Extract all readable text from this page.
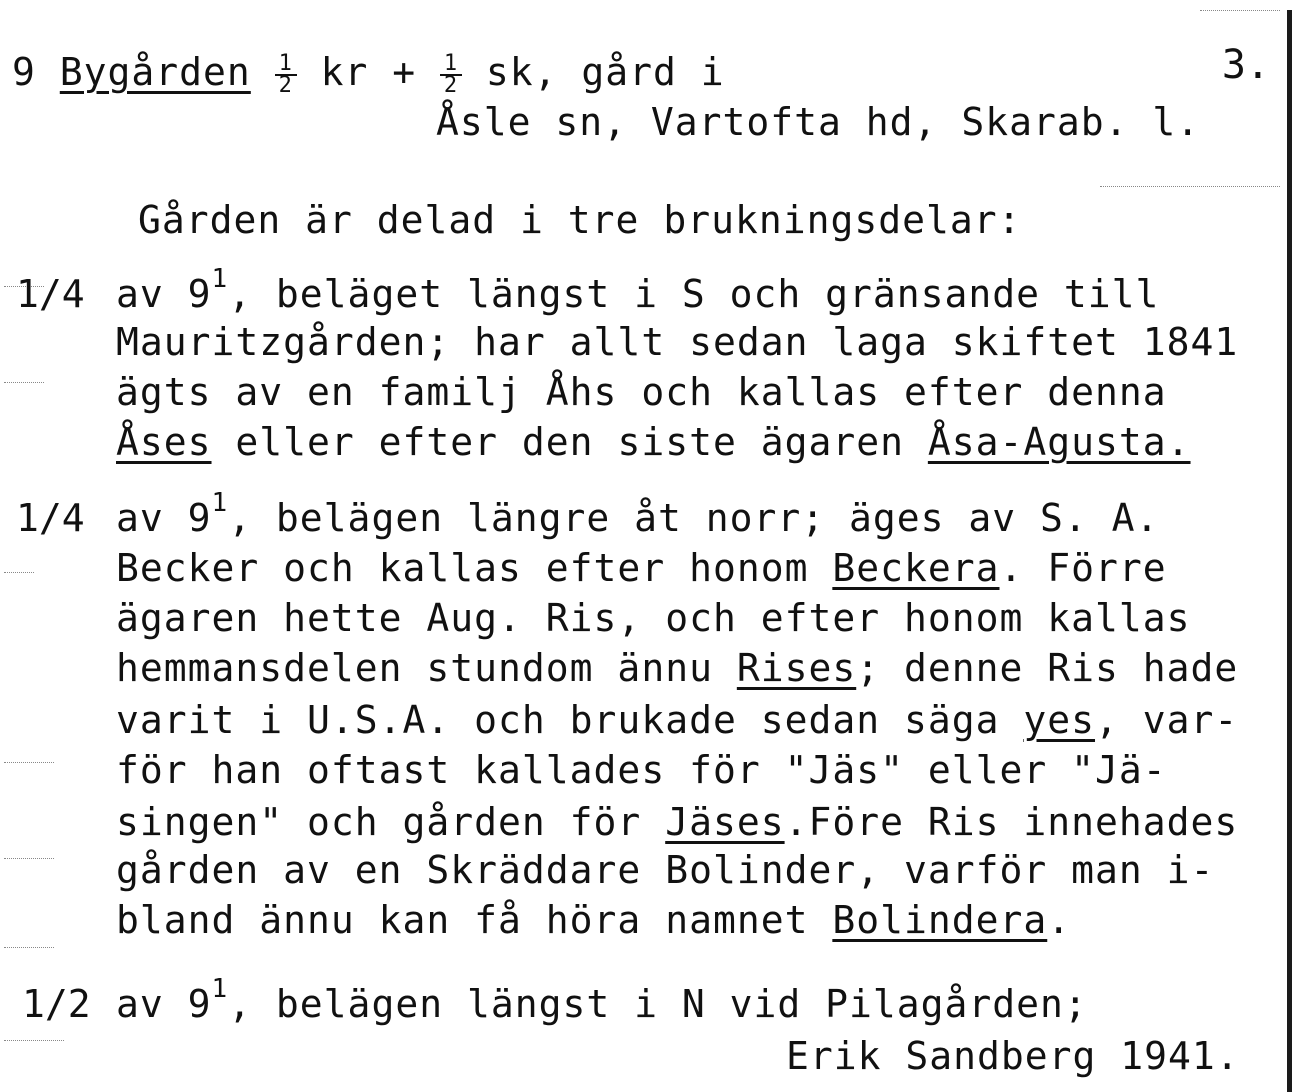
9 Bygården $\frac{1}{2}$ kr + $\frac{1}{2}$ sk, gård i	3.
Åsle sn, Vartofta hd, Skarab. l.
Gården är delad i tre brukningsdelar:
1/4 av $9^1$, beläget längst i S och gränsande till
Mauritzgården; har allt sedan laga skiftet 1841
ägts av en familj Åhs och kallas efter denna
Åses eller efter den siste ägaren Åsa-Agusta.
1/4 av $9^1$, belägen längre åt norr; äges av S. A.
Becker och kallas efter honom Beckera. Förre
ägaren hette Aug. Ris, och efter honom kallas
hemmansdelen stundom ännu Rises; denne Ris hade
varit i U.S.A. och brukade sedan säga yes, var-
för han oftast kallades för "Jäs" eller "Jä-
singen" och gården för Jäses.Före Ris innehades
gården av en Skräddare Bolinder, varför man i-
bland ännu kan få höra namnet Bolindera.
1/2 av $9^1$, belägen längst i N vid Pilagården;
Erik Sandberg 1941.
